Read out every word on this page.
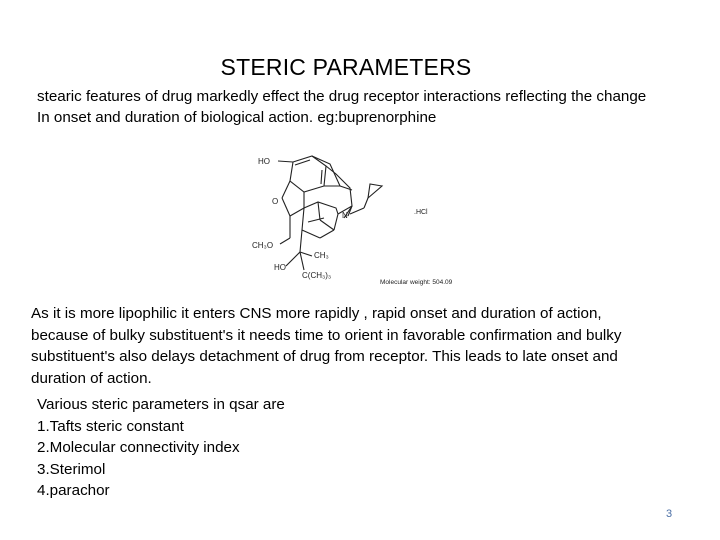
STERIC PARAMETERS
stearic features of drug markedly effect the drug receptor interactions reflecting the change
In onset and duration of biological action. eg:buprenorphine
HO
O
N
CH₃O
CH₃
HO
C(CH₃)₃
.HCl
Molecular weight: 504.09
As it is more lipophilic it enters CNS more rapidly , rapid onset and duration of action,
because of bulky substituent's it needs time to orient in favorable confirmation and bulky
substituent's also delays detachment of drug from receptor. This leads to late onset and
duration of action.
Various steric parameters in qsar are
1.Tafts steric constant
2.Molecular connectivity index
3.Sterimol
4.parachor
3
